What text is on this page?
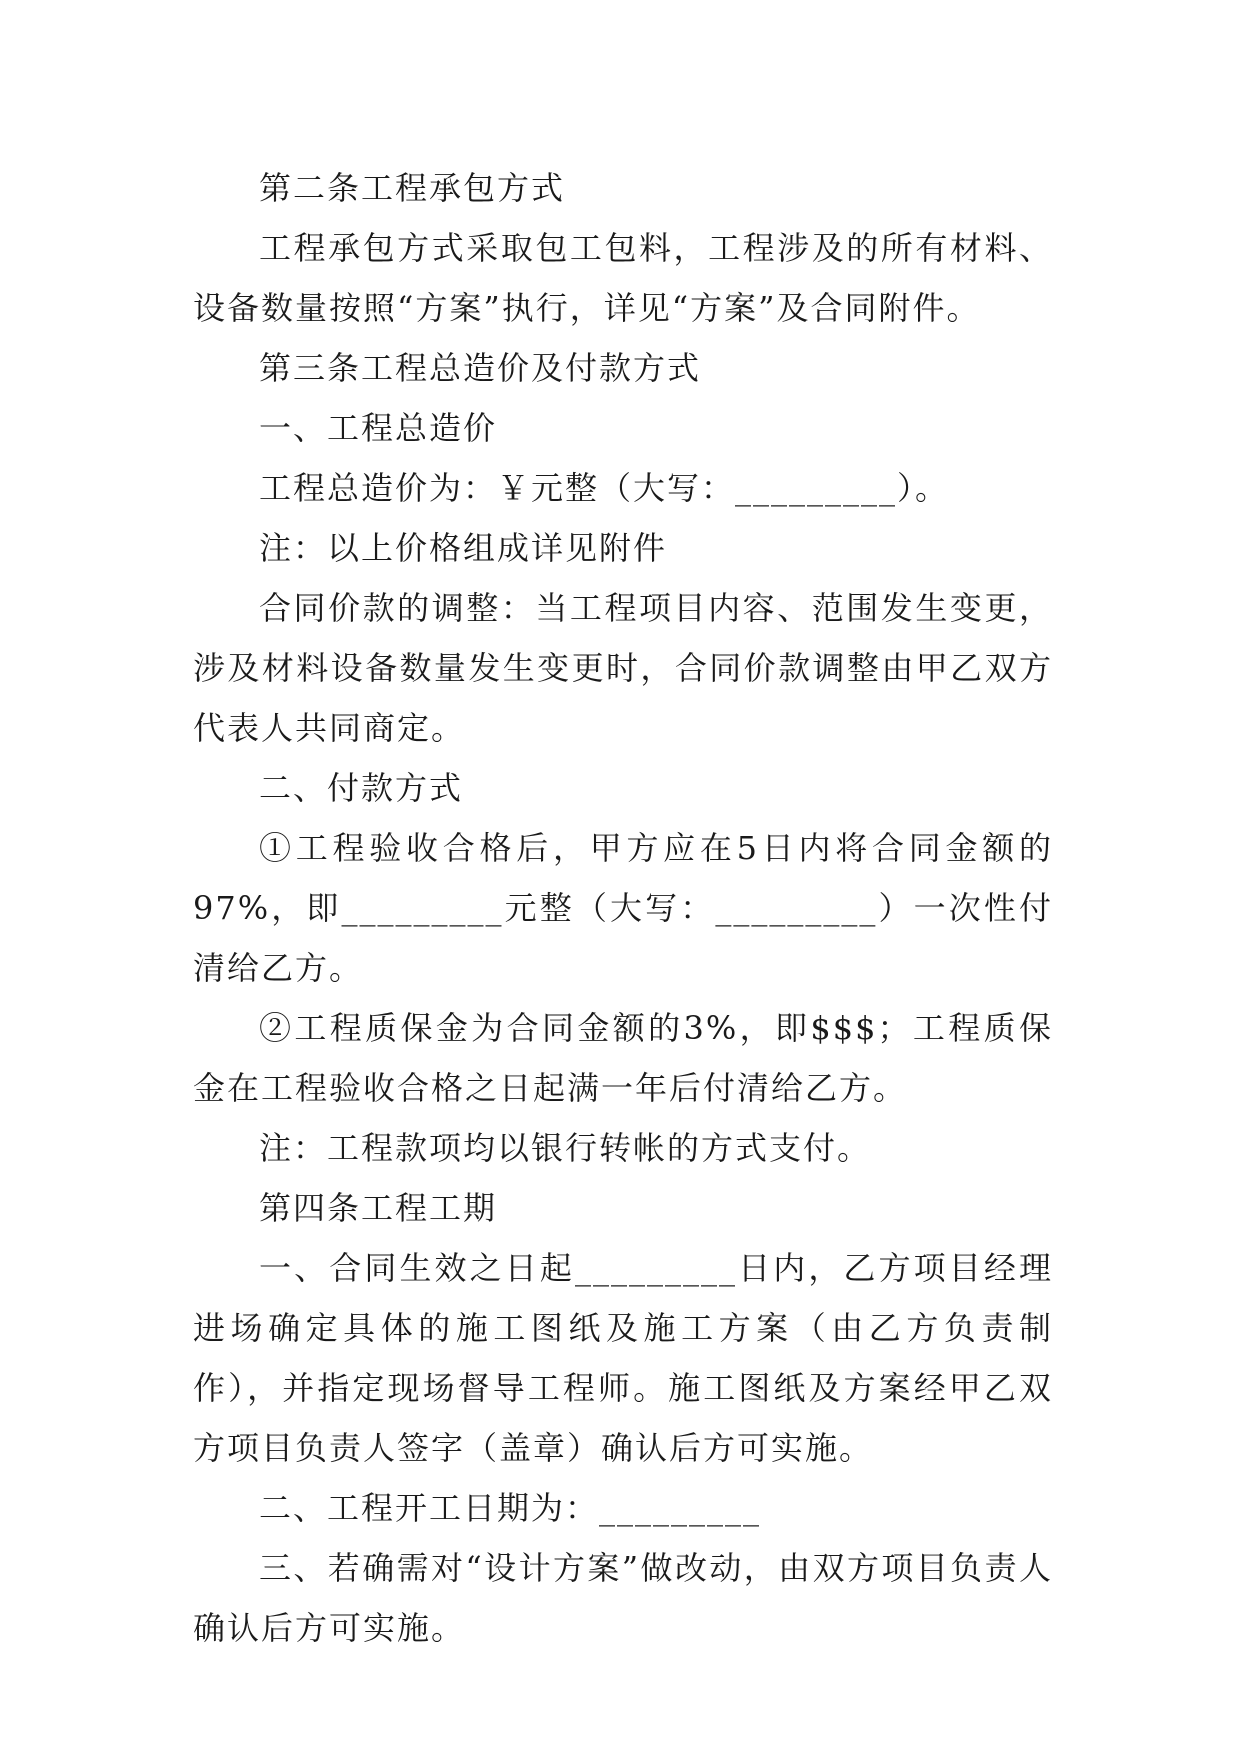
第二条工程承包方式

工程承包方式采取包工包料，工程涉及的所有材料、设备数量按照“方案”执行，详见“方案”及合同附件。

第三条工程总造价及付款方式

一、工程总造价

工程总造价为：￥元整（大写：_________）。

注：以上价格组成详见附件

合同价款的调整：当工程项目内容、范围发生变更，涉及材料设备数量发生变更时，合同价款调整由甲乙双方代表人共同商定。

二、付款方式

①工程验收合格后，甲方应在5日内将合同金额的97%，即_________元整（大写：_________）一次性付清给乙方。

②工程质保金为合同金额的3%，即$$$；工程质保金在工程验收合格之日起满一年后付清给乙方。

注：工程款项均以银行转帐的方式支付。

第四条工程工期

一、合同生效之日起_________日内，乙方项目经理进场确定具体的施工图纸及施工方案（由乙方负责制作），并指定现场督导工程师。施工图纸及方案经甲乙双方项目负责人签字（盖章）确认后方可实施。

二、工程开工日期为：_________

三、若确需对“设计方案”做改动，由双方项目负责人确认后方可实施。
